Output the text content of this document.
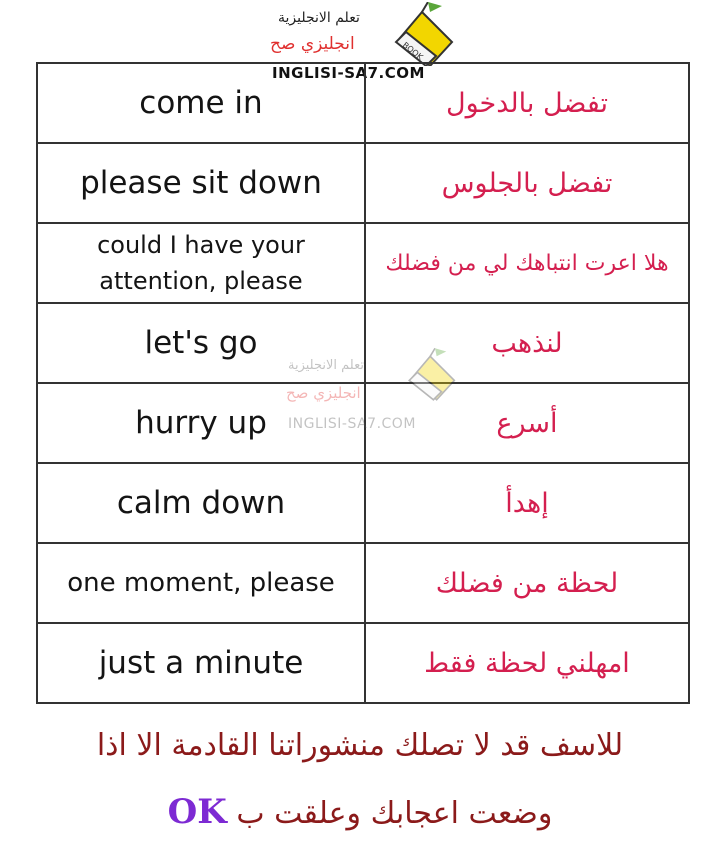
تعلم الانجليزية
انجليزي صح
INGLISI-SA7.COM
BOOK
come in	تفضل بالدخول
please sit down	تفضل بالجلوس

could I have your
attention, please	هلا اعرت انتباهك لي من فضلك
let's go	لنذهب
hurry up	أسرع
calm down	إهدأ
one moment, please	لحظة من فضلك
just a minute	امهلني لحظة فقط
تعلم الانجليزية
انجليزي صح
INGLISI-SA7.COM
للاسف قد لا تصلك منشوراتنا القادمة الا اذا
وضعت اعجابك وعلقت ب OK
